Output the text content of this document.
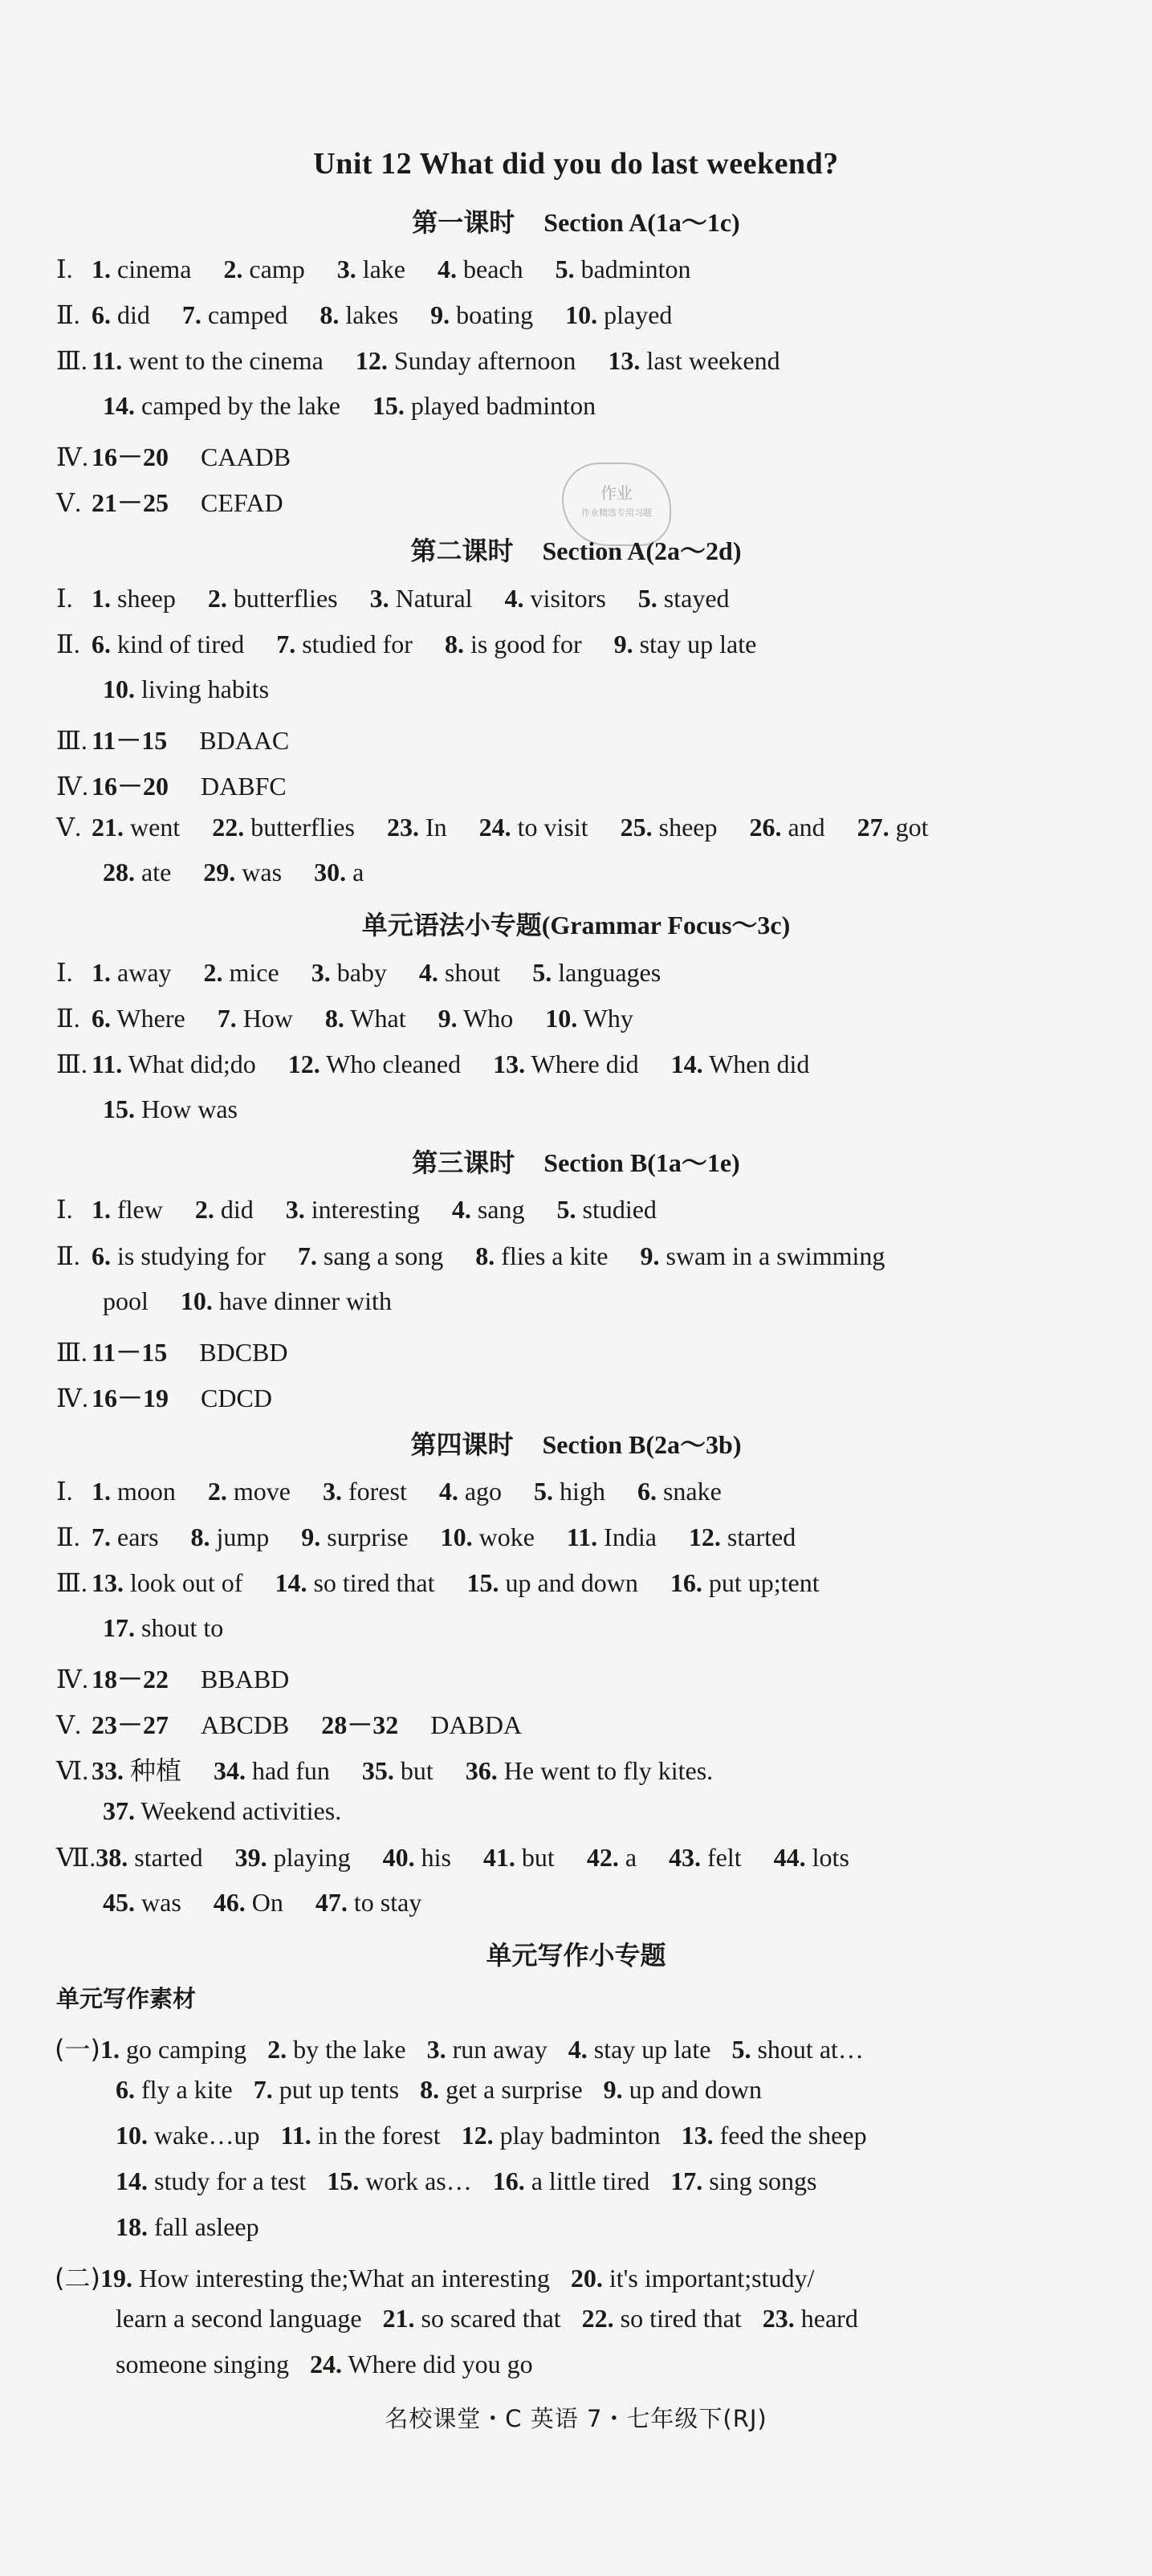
Unit 12 What did you do last weekend?
第一课时 Section A(1a～1c)
Ⅰ. 1. cinema 2. camp 3. lake 4. beach 5. badminton
Ⅱ. 6. did 7. camped 8. lakes 9. boating 10. played
Ⅲ. 11. went to the cinema 12. Sunday afternoon 13. last weekend
14. camped by the lake 15. played badminton
Ⅳ. 16－20 CAADB
Ⅴ. 21－25 CEFAD	作业
作业精选专用习题
第二课时 Section A(2a～2d)
Ⅰ. 1. sheep 2. butterflies 3. Natural 4. visitors 5. stayed
Ⅱ. 6. kind of tired 7. studied for 8. is good for 9. stay up late
10. living habits
Ⅲ. 11－15 BDAAC
Ⅳ. 16－20 DABFC
Ⅴ. 21. went 22. butterflies 23. In 24. to visit 25. sheep 26. and 27. got
28. ate 29. was 30. a
单元语法小专题(Grammar Focus～3c)
Ⅰ. 1. away 2. mice 3. baby 4. shout 5. languages
Ⅱ. 6. Where 7. How 8. What 9. Who 10. Why
Ⅲ. 11. What did;do 12. Who cleaned 13. Where did 14. When did
15. How was
第三课时 Section B(1a～1e)
Ⅰ. 1. flew 2. did 3. interesting 4. sang 5. studied
Ⅱ. 6. is studying for 7. sang a song 8. flies a kite 9. swam in a swimming
pool 10. have dinner with
Ⅲ. 11－15 BDCBD
Ⅳ. 16－19 CDCD
第四课时 Section B(2a～3b)
Ⅰ. 1. moon 2. move 3. forest 4. ago 5. high 6. snake
Ⅱ. 7. ears 8. jump 9. surprise 10. woke 11. India 12. started
Ⅲ. 13. look out of 14. so tired that 15. up and down 16. put up;tent
17. shout to
Ⅳ. 18－22 BBABD
Ⅴ. 23－27 ABCDB 28－32 DABDA
Ⅵ. 33. 种植 34. had fun 35. but 36. He went to fly kites.
37. Weekend activities.
Ⅶ.38. started 39. playing 40. his 41. but 42. a 43. felt 44. lots
45. was 46. On 47. to stay
单元写作小专题
单元写作素材
(一)1. go camping 2. by the lake 3. run away 4. stay up late 5. shout at…
6. fly a kite 7. put up tents 8. get a surprise 9. up and down
10. wake…up 11. in the forest 12. play badminton 13. feed the sheep
14. study for a test 15. work as… 16. a little tired 17. sing songs
18. fall asleep
(二)19. How interesting the;What an interesting 20. it's important;study/
learn a second language 21. so scared that 22. so tired that 23. heard
someone singing 24. Where did you go
名校课堂・C 英语 7・七年级下(RJ)
